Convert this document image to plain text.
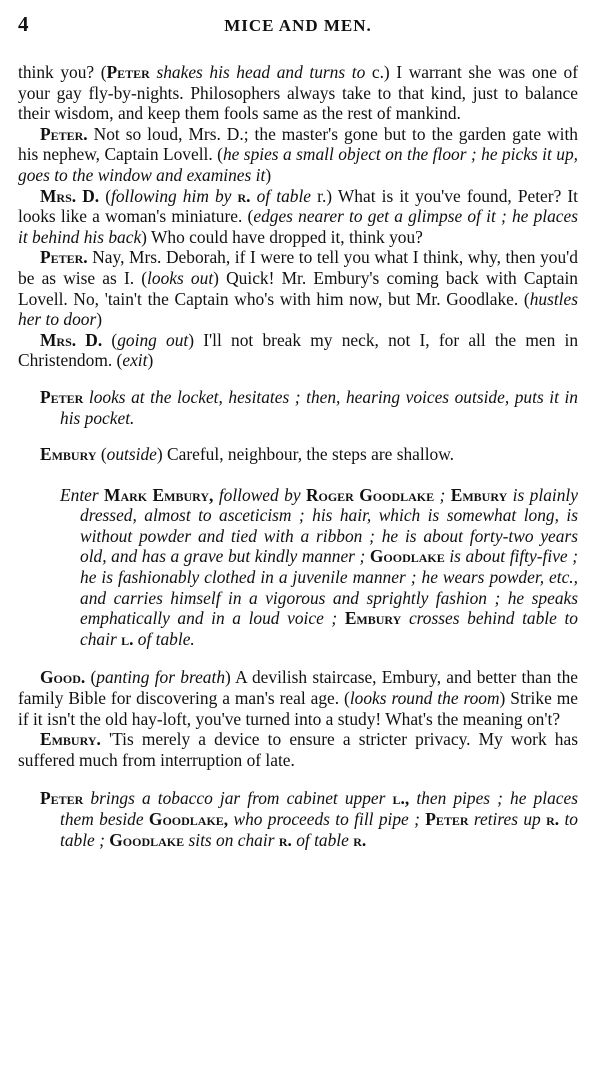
4	MICE AND MEN.

think you? (Peter shakes his head and turns to c.) I warrant she was one of your gay fly-by-nights. Philosophers always take to that kind, just to balance their wisdom, and keep them fools same as the rest of mankind.

Peter. Not so loud, Mrs. D.; the master's gone but to the garden gate with his nephew, Captain Lovell. (he spies a small object on the floor ; he picks it up, goes to the window and examines it)

Mrs. D. (following him by r. of table r.) What is it you've found, Peter? It looks like a woman's miniature. (edges nearer to get a glimpse of it ; he places it behind his back) Who could have dropped it, think you?

Peter. Nay, Mrs. Deborah, if I were to tell you what I think, why, then you'd be as wise as I. (looks out) Quick! Mr. Embury's coming back with Captain Lovell. No, 'tain't the Captain who's with him now, but Mr. Goodlake. (hustles her to door)

Mrs. D. (going out) I'll not break my neck, not I, for all the men in Christendom. (exit)

Peter looks at the locket, hesitates ; then, hearing voices outside, puts it in his pocket.

Embury (outside) Careful, neighbour, the steps are shallow.

Enter Mark Embury, followed by Roger Goodlake ; Embury is plainly dressed, almost to asceticism ; his hair, which is somewhat long, is without powder and tied with a ribbon ; he is about forty-two years old, and has a grave but kindly manner ; Goodlake is about fifty-five ; he is fashionably clothed in a juvenile manner ; he wears powder, etc., and carries himself in a vigorous and sprightly fashion ; he speaks emphatically and in a loud voice ; Embury crosses behind table to chair l. of table.

Good. (panting for breath) A devilish staircase, Embury, and better than the family Bible for discovering a man's real age. (looks round the room) Strike me if it isn't the old hay-loft, you've turned into a study! What's the meaning on't?

Embury. 'Tis merely a device to ensure a stricter privacy. My work has suffered much from interruption of late.

Peter brings a tobacco jar from cabinet upper l., then pipes ; he places them beside Goodlake, who proceeds to fill pipe ; Peter retires up r. to table ; Goodlake sits on chair r. of table r.
